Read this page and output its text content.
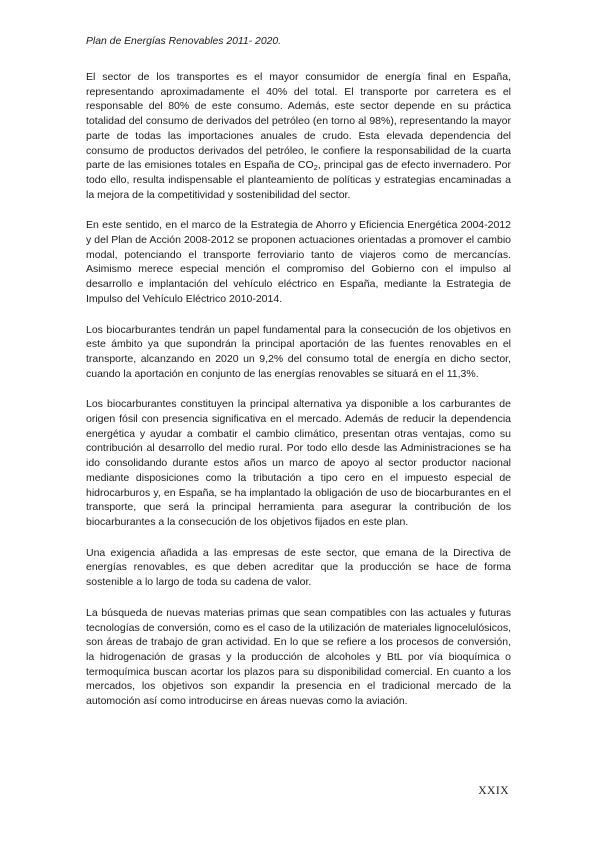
Plan de Energías Renovables 2011- 2020.

El sector de los transportes es el mayor consumidor de energía final en España, representando aproximadamente el 40% del total. El transporte por carretera es el responsable del 80% de este consumo. Además, este sector depende en su práctica totalidad del consumo de derivados del petróleo (en torno al 98%), representando la mayor parte de todas las importaciones anuales de crudo. Esta elevada dependencia del consumo de productos derivados del petróleo, le confiere la responsabilidad de la cuarta parte de las emisiones totales en España de $CO_2$, principal gas de efecto invernadero. Por todo ello, resulta indispensable el planteamiento de políticas y estrategias encaminadas a la mejora de la competitividad y sostenibilidad del sector.

En este sentido, en el marco de la Estrategia de Ahorro y Eficiencia Energética 2004-2012 y del Plan de Acción 2008-2012 se proponen actuaciones orientadas a promover el cambio modal, potenciando el transporte ferroviario tanto de viajeros como de mercancías. Asimismo merece especial mención el compromiso del Gobierno con el impulso al desarrollo e implantación del vehículo eléctrico en España, mediante la Estrategia de Impulso del Vehículo Eléctrico 2010-2014.

Los biocarburantes tendrán un papel fundamental para la consecución de los objetivos en este ámbito ya que supondrán la principal aportación de las fuentes renovables en el transporte, alcanzando en 2020 un 9,2% del consumo total de energía en dicho sector, cuando la aportación en conjunto de las energías renovables se situará en el 11,3%.

Los biocarburantes constituyen la principal alternativa ya disponible a los carburantes de origen fósil con presencia significativa en el mercado. Además de reducir la dependencia energética y ayudar a combatir el cambio climático, presentan otras ventajas, como su contribución al desarrollo del medio rural. Por todo ello desde las Administraciones se ha ido consolidando durante estos años un marco de apoyo al sector productor nacional mediante disposiciones como la tributación a tipo cero en el impuesto especial de hidrocarburos y, en España, se ha implantado la obligación de uso de biocarburantes en el transporte, que será la principal herramienta para asegurar la contribución de los biocarburantes a la consecución de los objetivos fijados en este plan.

Una exigencia añadida a las empresas de este sector, que emana de la Directiva de energías renovables, es que deben acreditar que la producción se hace de forma sostenible a lo largo de toda su cadena de valor.

La búsqueda de nuevas materias primas que sean compatibles con las actuales y futuras tecnologías de conversión, como es el caso de la utilización de materiales lignocelulósicos, son áreas de trabajo de gran actividad. En lo que se refiere a los procesos de conversión, la hidrogenación de grasas y la producción de alcoholes y BtL por vía bioquímica o termoquímica buscan acortar los plazos para su disponibilidad comercial. En cuanto a los mercados, los objetivos son expandir la presencia en el tradicional mercado de la automoción así como introducirse en áreas nuevas como la aviación.

XXIX
